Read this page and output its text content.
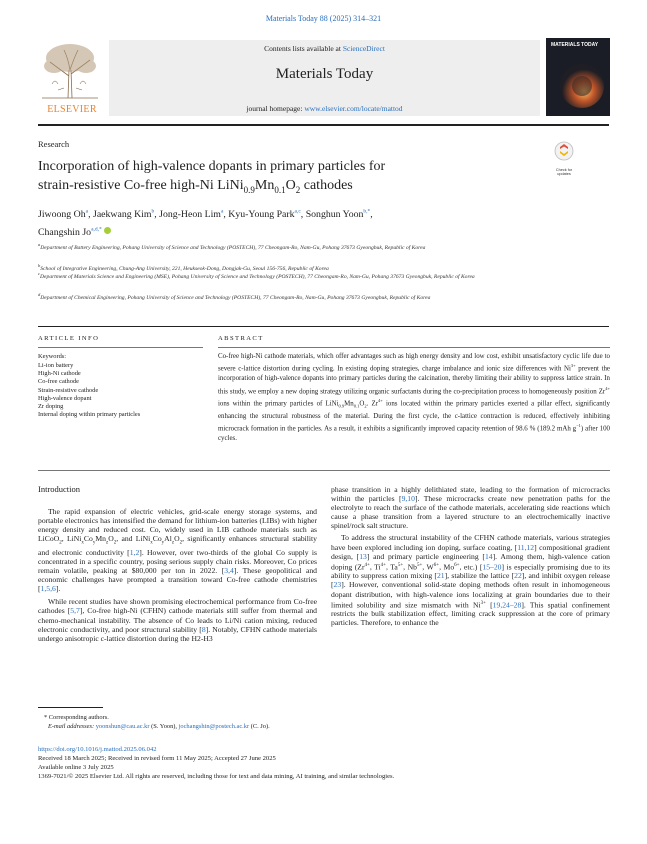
Materials Today 88 (2025) 314–321
ELSEVIER
Contents lists available at ScienceDirect
Materials Today
journal homepage: www.elsevier.com/locate/mattod
MATERIALS TODAY
Research
Check for updates
Incorporation of high-valence dopants in primary particles for
strain-resistive Co-free high-Ni $LiNi_{0.9}Mn_{0.1}O_2$ cathodes
Jiwoong Oh$^a$, Jaekwang Kim$^b$, Jong-Heon Lim$^a$, Kyu-Young Park$^{a,c}$, Songhun Yoon$^{b,*}$,
Changshin $Jo^{a,d,*}$
$^a$Department of Battery Engineering, Pohang University of Science and Technology (POSTECH), 77 Cheongam-Ro, Nam-Gu, Pohang 37673 Gyeongbuk, Republic of Korea
$^b$School of Integrative Engineering, Chung-Ang University, 221, Heukseok-Dong, Dongjak-Gu, Seoul 156-756, Republic of Korea
$^c$Department of Materials Science and Engineering (MSE), Pohang University of Science and Technology (POSTECH), 77 Cheongam-Ro, Nam-Gu, Pohang 37673 Gyeongbuk, Republic of Korea
$^d$Department of Chemical Engineering, Pohang University of Science and Technology (POSTECH), 77 Cheongam-Ro, Nam-Gu, Pohang 37673 Gyeongbuk, Republic of Korea
ARTICLE INFO	ABSTRACT
Keywords:
Li-ion battery
High-Ni cathode
Co-free cathode
Strain-resistive cathode
High-valence dopant
Zr doping
Internal doping within primary particles
Co-free high-Ni cathode materials, which offer advantages such as high energy density and low cost, exhibit unsatisfactory cyclic life due to severe c-lattice distortion during cycling. In existing doping strategies, charge imbalance and ionic size differences with $Ni^{3+}$ prevent the incorporation of high-valence dopants into primary particles during the calcination, thereby limiting their ability to suppress lattice strain. In this study, we employ a new doping strategy utilizing organic surfactants during the co-precipitation process to homogeneously position $Zr^{4+}$ ions within the primary particles of $LiNi_{0.9}Mn_{0.1}O_2$. $Zr^{4+}$ ions located within the primary particles exerted a pillar effect, significantly enhancing the structural robustness of the material. During the first cycle, the c-lattice contraction is reduced, effectively inhibiting microcrack formation in the particles. As a result, it exhibits a significantly improved capacity retention of 98.6 % (189.2 mAh $g^{-1}$) after 100 cycles.
Introduction

The rapid expansion of electric vehicles, grid-scale energy storage systems, and portable electronics has intensified the demand for lithium-ion batteries (LIBs) with higher energy density and reduced cost. Co, widely used in LIB cathode materials such as LiCoO$_2$, $LiNi_xCo_yMn_zO_2$, and $LiNi_xCo_yAl_zO_2$, significantly enhances structural stability and electronic conductivity [1,2]. However, over two-thirds of the global Co supply is concentrated in a specific country, posing serious supply chain risks. Moreover, Co prices remain volatile, peaking at $80,000 per ton in 2022. [3,4]. These geopolitical and economic challenges have prompted a transition toward Co-free cathode chemistries [1,5,6].

While recent studies have shown promising electrochemical performance from Co-free cathodes [5,7], Co-free high-Ni (CFHN) cathode materials still suffer from thermal and chemo-mechanical instability. The absence of Co leads to Li/Ni cation mixing, reduced electronic conductivity, and poor structural stability [8]. Notably, CFHN cathode materials undergo anisotropic c-lattice distortion during the H2-H3

phase transition in a highly delithiated state, leading to the formation of microcracks within the particles [9,10]. These microcracks create new penetration paths for the electrolyte to reach the surface of the cathode materials, accelerating side reactions which cause a phase transition from a layered structure to an electrochemically inactive spinel/rock salt structure.

To address the structural instability of the CFHN cathode materials, various strategies have been explored including ion doping, surface coating, [11,12] compositional gradient design, [13] and primary particle engineering [14]. Among them, high-valence cation doping ($Zr^{4+}$, $Ti^{4+}$, $Ta^{5+}$, $Nb^{5+}$, $W^{6+}$, $Mo^{6+}$, etc.) [15–20] is especially promising due to its ability to suppress cation mixing [21], stabilize the lattice [22], and inhibit oxygen release [23]. However, conventional solid-state doping methods often result in inhomogeneous dopant distribution, with high-valence ions localizing at grain boundaries due to their limited solubility and size mismatch with $Ni^{3+}$ [19,24–28]. This spatial confinement restricts the bulk stabilization effect, limiting crack suppression at the core of primary particles. Therefore, to enhance the

* Corresponding authors.
E-mail addresses: yoonshun@cau.ac.kr (S. Yoon), jochangshin@postech.ac.kr (C. Jo).
https://doi.org/10.1016/j.mattod.2025.06.042
Received 18 March 2025; Received in revised form 11 May 2025; Accepted 27 June 2025
Available online 3 July 2025
1369-7021/© 2025 Elsevier Ltd. All rights are reserved, including those for text and data mining, AI training, and similar technologies.
